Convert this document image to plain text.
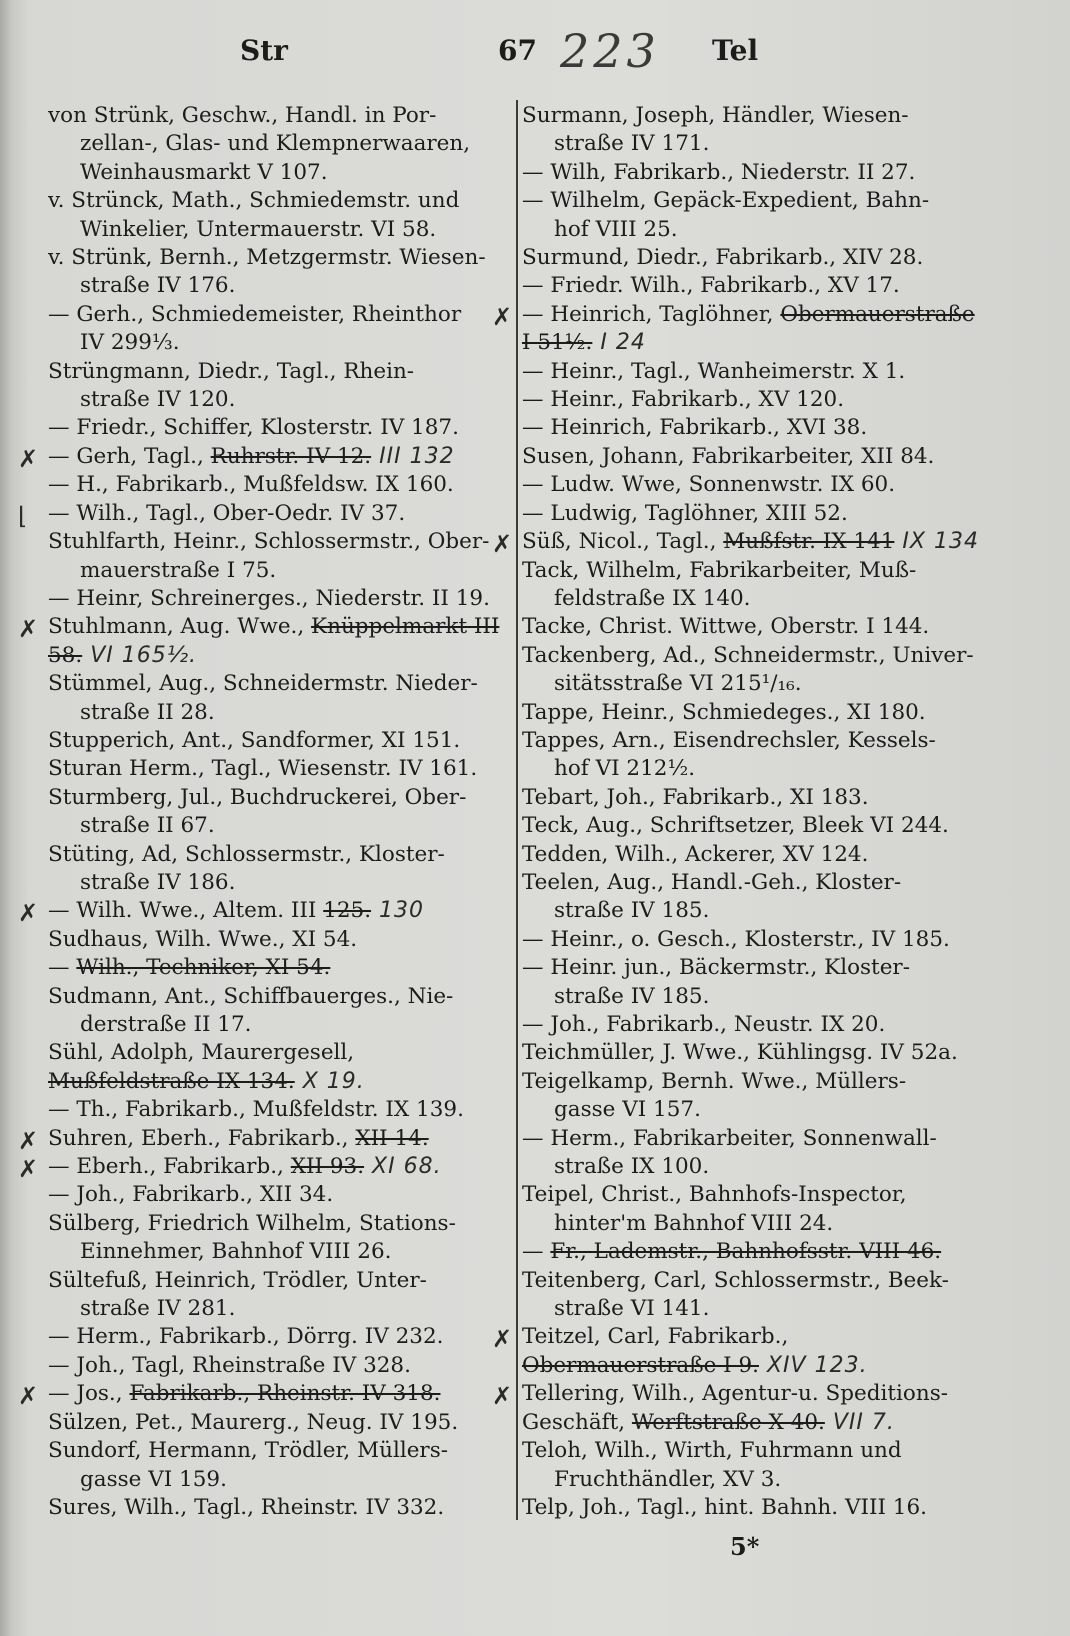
Str	67 223 Tel
von Strünk, Geschw., Handl. in Por-
zellan-, Glas- und Klempnerwaaren,
Weinhausmarkt V 107.
v. Strünck, Math., Schmiedemstr. und
Winkelier, Untermauerstr. VI 58.
v. Strünk, Bernh., Metzgermstr. Wiesen-
straße IV 176.
— Gerh., Schmiedemeister, Rheinthor
IV 299⅓.
Strüngmann, Diedr., Tagl., Rhein-
straße IV 120.
— Friedr., Schiffer, Klosterstr. IV 187.
✗ — Gerh, Tagl., Ruhrstr. IV 12. III 132
— H., Fabrikarb., Mußfeldsw. IX 160.
⌊ — Wilh., Tagl., Ober-Oedr. IV 37.
Stuhlfarth, Heinr., Schlossermstr., Ober-
mauerstraße I 75.
— Heinr, Schreinerges., Niederstr. II 19.
✗ Stuhlmann, Aug. Wwe., Knüppelmarkt III 58. VI 165½.
Stümmel, Aug., Schneidermstr. Nieder-
straße II 28.
Stupperich, Ant., Sandformer, XI 151.
Sturan Herm., Tagl., Wiesenstr. IV 161.
Sturmberg, Jul., Buchdruckerei, Ober-
straße II 67.
Stüting, Ad, Schlossermstr., Kloster-
straße IV 186.
✗ — Wilh. Wwe., Altem. III 125. 130
Sudhaus, Wilh. Wwe., XI 54.
— Wilh., Techniker, XI 54.
Sudmann, Ant., Schiffbauerges., Nie-
derstraße II 17.
Sühl, Adolph, Maurergesell, Mußfeldstraße IX 134. X 19.
— Th., Fabrikarb., Mußfeldstr. IX 139.
✗ Suhren, Eberh., Fabrikarb., XII 14.
✗ — Eberh., Fabrikarb., XII 93. XI 68.
— Joh., Fabrikarb., XII 34.
Sülberg, Friedrich Wilhelm, Stations-
Einnehmer, Bahnhof VIII 26.
Sültefuß, Heinrich, Trödler, Unter-
straße IV 281.
— Herm., Fabrikarb., Dörrg. IV 232.
— Joh., Tagl, Rheinstraße IV 328.
✗ — Jos., Fabrikarb., Rheinstr. IV 318.
Sülzen, Pet., Maurerg., Neug. IV 195.
Sundorf, Hermann, Trödler, Müllers-
gasse VI 159.
Sures, Wilh., Tagl., Rheinstr. IV 332.
Surmann, Joseph, Händler, Wiesen-
straße IV 171.
— Wilh, Fabrikarb., Niederstr. II 27.
— Wilhelm, Gepäck-Expedient, Bahn-
hof VIII 25.
Surmund, Diedr., Fabrikarb., XIV 28.
— Friedr. Wilh., Fabrikarb., XV 17.
✗ — Heinrich, Taglöhner, Obermauerstraße I 51½. I 24
— Heinr., Tagl., Wanheimerstr. X 1.
— Heinr., Fabrikarb., XV 120.
— Heinrich, Fabrikarb., XVI 38.
Susen, Johann, Fabrikarbeiter, XII 84.
— Ludw. Wwe, Sonnenwstr. IX 60.
— Ludwig, Taglöhner, XIII 52.
✗ Süß, Nicol., Tagl., Mußfstr. IX 141 IX 134
Tack, Wilhelm, Fabrikarbeiter, Muß-
feldstraße IX 140.
Tacke, Christ. Wittwe, Oberstr. I 144.
Tackenberg, Ad., Schneidermstr., Univer-
sitätsstraße VI 215¹/₁₆.
Tappe, Heinr., Schmiedeges., XI 180.
Tappes, Arn., Eisendrechsler, Kessels-
hof VI 212½.
Tebart, Joh., Fabrikarb., XI 183.
Teck, Aug., Schriftsetzer, Bleek VI 244.
Tedden, Wilh., Ackerer, XV 124.
Teelen, Aug., Handl.-Geh., Kloster-
straße IV 185.
— Heinr., o. Gesch., Klosterstr., IV 185.
— Heinr. jun., Bäckermstr., Kloster-
straße IV 185.
— Joh., Fabrikarb., Neustr. IX 20.
Teichmüller, J. Wwe., Kühlingsg. IV 52a.
Teigelkamp, Bernh. Wwe., Müllers-
gasse VI 157.
— Herm., Fabrikarbeiter, Sonnenwall-
straße IX 100.
Teipel, Christ., Bahnhofs-Inspector,
hinter'm Bahnhof VIII 24.
— Fr., Lademstr., Bahnhofsstr. VIII 46.
Teitenberg, Carl, Schlossermstr., Beek-
straße VI 141.
✗ Teitzel, Carl, Fabrikarb., Obermauerstraße I 9. XIV 123.
✗ Tellering, Wilh., Agentur-u. Speditions-Geschäft, Werftstraße X 40. VII 7.
Teloh, Wilh., Wirth, Fuhrmann und
Fruchthändler, XV 3.
Telp, Joh., Tagl., hint. Bahnh. VIII 16.
5*
